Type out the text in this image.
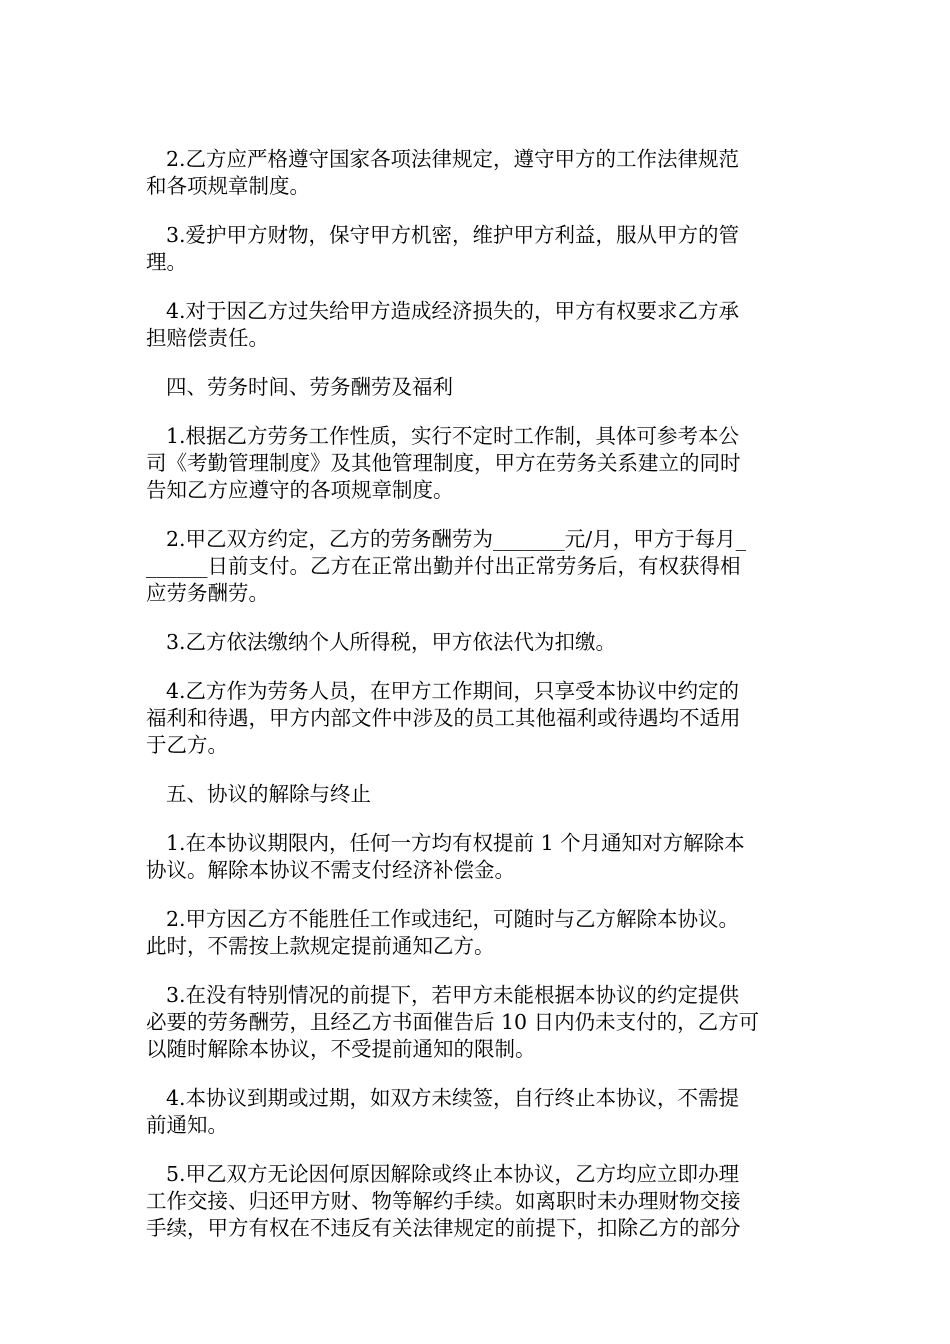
2.乙方应严格遵守国家各项法律规定，遵守甲方的工作法律规范
和各项规章制度。
3.爱护甲方财物，保守甲方机密，维护甲方利益，服从甲方的管
理。
4.对于因乙方过失给甲方造成经济损失的，甲方有权要求乙方承
担赔偿责任。
四、劳务时间、劳务酬劳及福利
1.根据乙方劳务工作性质，实行不定时工作制，具体可参考本公
司《考勤管理制度》及其他管理制度，甲方在劳务关系建立的同时
告知乙方应遵守的各项规章制度。
2.甲乙双方约定，乙方的劳务酬劳为_______元/月，甲方于每月_
______日前支付。乙方在正常出勤并付出正常劳务后，有权获得相
应劳务酬劳。
3.乙方依法缴纳个人所得税，甲方依法代为扣缴。
4.乙方作为劳务人员，在甲方工作期间，只享受本协议中约定的
福利和待遇，甲方内部文件中涉及的员工其他福利或待遇均不适用
于乙方。
五、协议的解除与终止
1.在本协议期限内，任何一方均有权提前 1 个月通知对方解除本
协议。解除本协议不需支付经济补偿金。
2.甲方因乙方不能胜任工作或违纪，可随时与乙方解除本协议。
此时，不需按上款规定提前通知乙方。
3.在没有特别情况的前提下，若甲方未能根据本协议的约定提供
必要的劳务酬劳，且经乙方书面催告后 10 日内仍未支付的，乙方可
以随时解除本协议，不受提前通知的限制。
4.本协议到期或过期，如双方未续签，自行终止本协议，不需提
前通知。
5.甲乙双方无论因何原因解除或终止本协议，乙方均应立即办理
工作交接、归还甲方财、物等解约手续。如离职时未办理财物交接
手续，甲方有权在不违反有关法律规定的前提下，扣除乙方的部分
